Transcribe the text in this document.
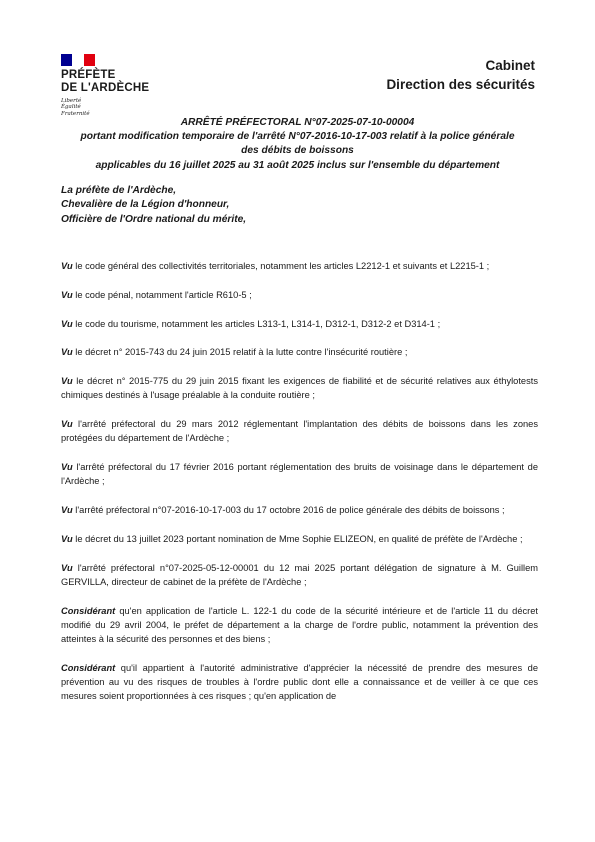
PRÉFÈTE
DE L'ARDÈCHE
Liberté
Égalité
Fraternité
Cabinet
Direction des sécurités
ARRÊTÉ PRÉFECTORAL N°07-2025-07-10-00004
portant modification temporaire de l'arrêté N°07-2016-10-17-003 relatif à la police générale
des débits de boissons
applicables du 16 juillet 2025 au 31 août 2025 inclus sur l'ensemble du département
La préfète de l'Ardèche,
Chevalière de la Légion d'honneur,
Officière de l'Ordre national du mérite,

Vu le code général des collectivités territoriales, notamment les articles L2212-1 et suivants et L2215-1 ;

Vu le code pénal, notamment l'article R610-5 ;

Vu le code du tourisme, notamment les articles L313-1, L314-1, D312-1, D312-2 et D314-1 ;

Vu le décret n° 2015-743 du 24 juin 2015 relatif à la lutte contre l'insécurité routière ;

Vu le décret n° 2015-775 du 29 juin 2015 fixant les exigences de fiabilité et de sécurité relatives aux éthylotests chimiques destinés à l'usage préalable à la conduite routière ;

Vu l'arrêté préfectoral du 29 mars 2012 réglementant l'implantation des débits de boissons dans les zones protégées du département de l'Ardèche ;

Vu l'arrêté préfectoral du 17 février 2016 portant réglementation des bruits de voisinage dans le département de l'Ardèche ;

Vu l'arrêté préfectoral n°07-2016-10-17-003 du 17 octobre 2016 de police générale des débits de boissons ;

Vu le décret du 13 juillet 2023 portant nomination de Mme Sophie ELIZEON, en qualité de préfète de l'Ardèche ;

Vu l'arrêté préfectoral n°07-2025-05-12-00001 du 12 mai 2025 portant délégation de signature à M. Guillem GERVILLA, directeur de cabinet de la préfète de l'Ardèche ;

Considérant qu'en application de l'article L. 122-1 du code de la sécurité intérieure et de l'article 11 du décret modifié du 29 avril 2004, le préfet de département a la charge de l'ordre public, notamment la prévention des atteintes à la sécurité des personnes et des biens ;

Considérant qu'il appartient à l'autorité administrative d'apprécier la nécessité de prendre des mesures de prévention au vu des risques de troubles à l'ordre public dont elle a connaissance et de veiller à ce que ces mesures soient proportionnées à ces risques ; qu'en application de
